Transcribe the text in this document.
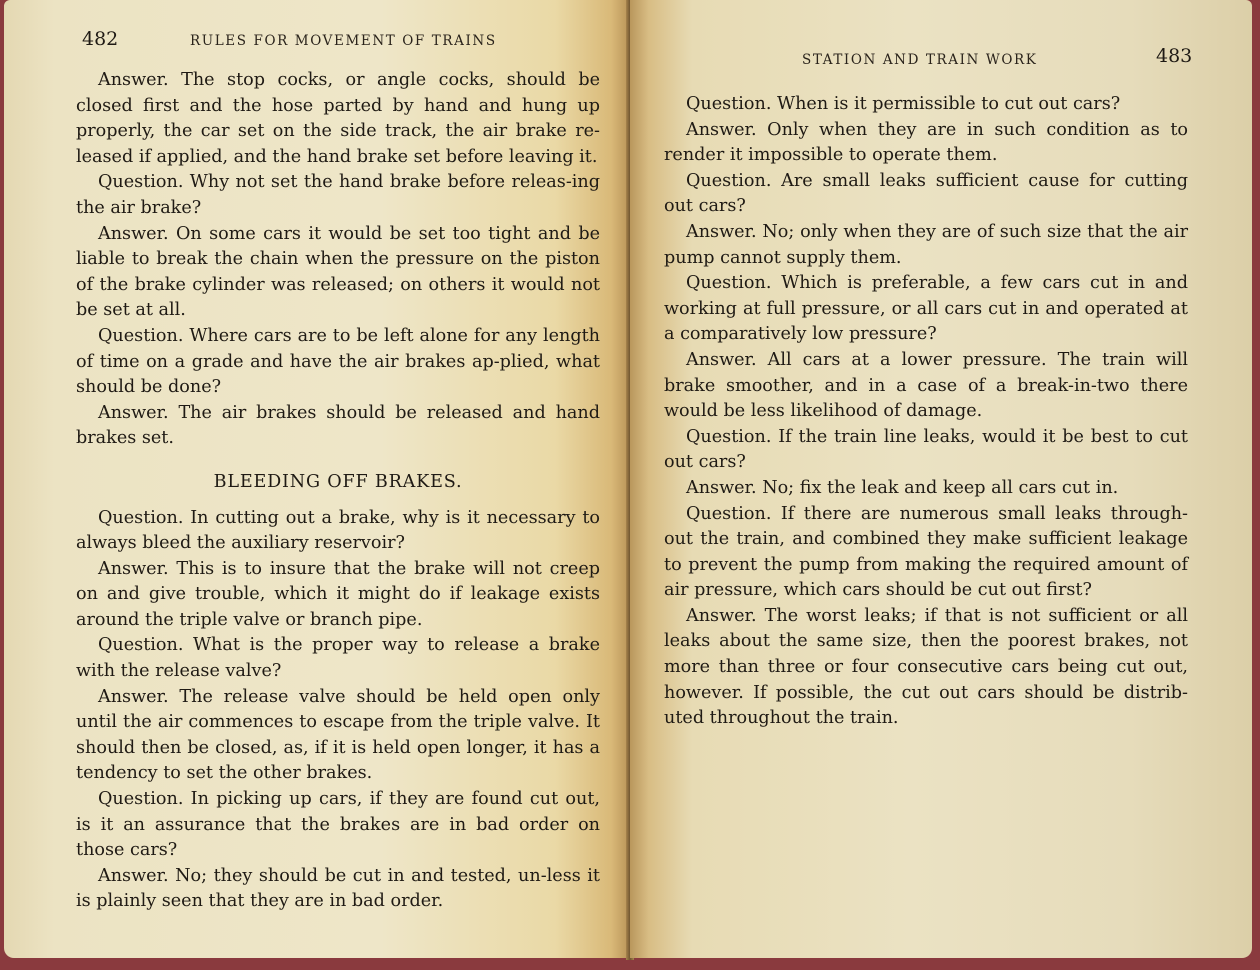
482	RULES FOR MOVEMENT OF TRAINS

Answer. The stop cocks, or angle cocks, should be closed first and the hose parted by hand and hung up properly, the car set on the side track, the air brake re-leased if applied, and the hand brake set before leaving it.

Question. Why not set the hand brake before releas-ing the air brake?

Answer. On some cars it would be set too tight and be liable to break the chain when the pressure on the piston of the brake cylinder was released; on others it would not be set at all.

Question. Where cars are to be left alone for any length of time on a grade and have the air brakes ap-plied, what should be done?

Answer. The air brakes should be released and hand brakes set.

BLEEDING OFF BRAKES.

Question. In cutting out a brake, why is it necessary to always bleed the auxiliary reservoir?

Answer. This is to insure that the brake will not creep on and give trouble, which it might do if leakage exists around the triple valve or branch pipe.

Question. What is the proper way to release a brake with the release valve?

Answer. The release valve should be held open only until the air commences to escape from the triple valve. It should then be closed, as, if it is held open longer, it has a tendency to set the other brakes.

Question. In picking up cars, if they are found cut out, is it an assurance that the brakes are in bad order on those cars?

Answer. No; they should be cut in and tested, un-less it is plainly seen that they are in bad order.

STATION AND TRAIN WORK	483

Question. When is it permissible to cut out cars?

Answer. Only when they are in such condition as to render it impossible to operate them.

Question. Are small leaks sufficient cause for cutting out cars?

Answer. No; only when they are of such size that the air pump cannot supply them.

Question. Which is preferable, a few cars cut in and working at full pressure, or all cars cut in and operated at a comparatively low pressure?

Answer. All cars at a lower pressure. The train will brake smoother, and in a case of a break-in-two there would be less likelihood of damage.

Question. If the train line leaks, would it be best to cut out cars?

Answer. No; fix the leak and keep all cars cut in.

Question. If there are numerous small leaks through-out the train, and combined they make sufficient leakage to prevent the pump from making the required amount of air pressure, which cars should be cut out first?

Answer. The worst leaks; if that is not sufficient or all leaks about the same size, then the poorest brakes, not more than three or four consecutive cars being cut out, however. If possible, the cut out cars should be distrib-uted throughout the train.
